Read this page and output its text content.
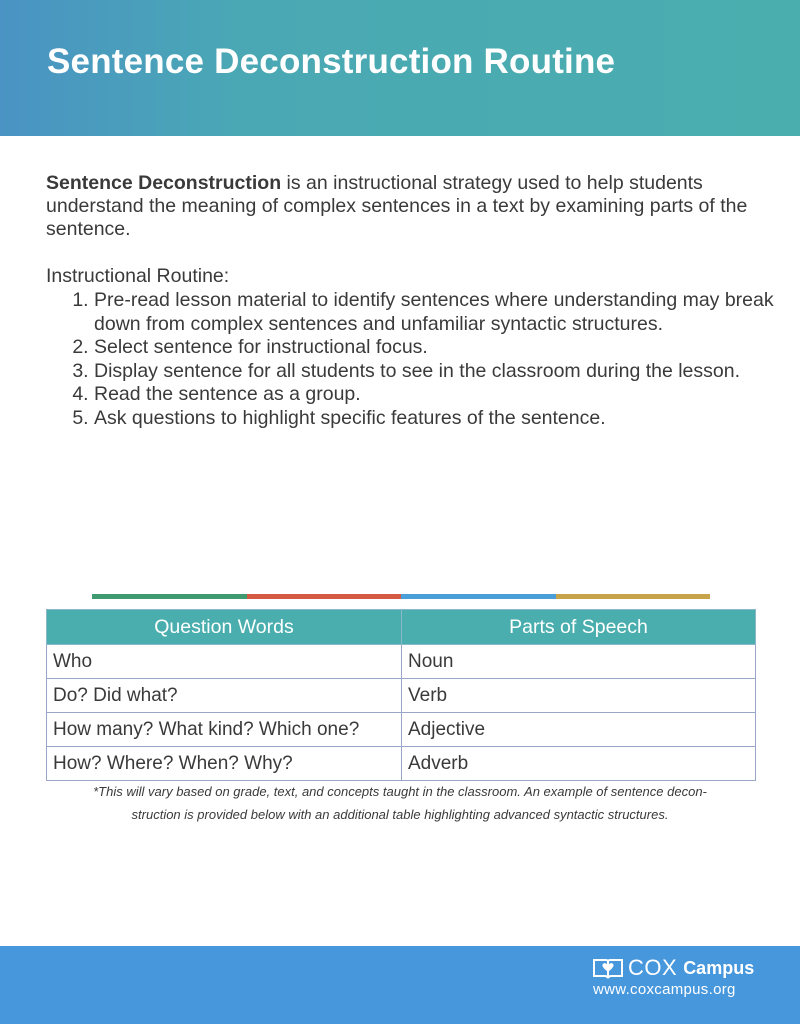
Sentence Deconstruction Routine

Sentence Deconstruction is an instructional strategy used to help students understand the meaning of complex sentences in a text by examining parts of the sentence.

Instructional Routine:

1. Pre-read lesson material to identify sentences where understanding may break down from complex sentences and unfamiliar syntactic structures.
2. Select sentence for instructional focus.
3. Display sentence for all students to see in the classroom during the lesson.
4. Read the sentence as a group.
5. Ask questions to highlight specific features of the sentence.
Question Words	Parts of Speech
Who	Noun
Do? Did what?	Verb
How many? What kind? Which one?	Adjective
How? Where? When? Why?	Adverb

*This will vary based on grade, text, and concepts taught in the classroom. An example of sentence decon-
struction is provided below with an additional table highlighting advanced syntactic structures.

COX Campus

www.coxcampus.org
